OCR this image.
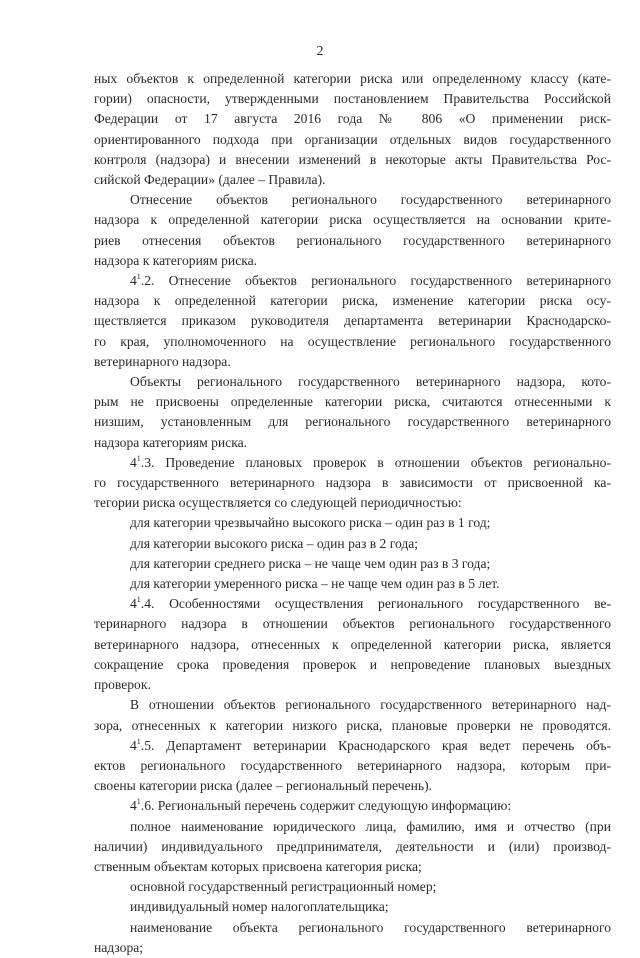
2

ных объектов к определенной категории риска или определенному классу (кате-

гории) опасности, утвержденными постановлением Правительства Российской

Федерации от 17 августа 2016 года № 806 «О применении риск-

ориентированного подхода при организации отдельных видов государственного

контроля (надзора) и внесении изменений в некоторые акты Правительства Рос-

сийской Федерации» (далее – Правила).

Отнесение объектов регионального государственного ветеринарного

надзора к определенной категории риска осуществляется на основании крите-

риев отнесения объектов регионального государственного ветеринарного

надзора к категориям риска.

$4^1.2$. Отнесение объектов регионального государственного ветеринарного

надзора к определенной категории риска, изменение категории риска осу-

ществляется приказом руководителя департамента ветеринарии Краснодарско-

го края, уполномоченного на осуществление регионального государственного

ветеринарного надзора.

Объекты регионального государственного ветеринарного надзора, кото-

рым не присвоены определенные категории риска, считаются отнесенными к

низшим, установленным для регионального государственного ветеринарного

надзора категориям риска.

$4^1.3$. Проведение плановых проверок в отношении объектов регионально-

го государственного ветеринарного надзора в зависимости от присвоенной ка-

тегории риска осуществляется со следующей периодичностью:

для категории чрезвычайно высокого риска – один раз в 1 год;

для категории высокого риска – один раз в 2 года;

для категории среднего риска – не чаще чем один раз в 3 года;

для категории умеренного риска – не чаще чем один раз в 5 лет.

$4^1.4$. Особенностями осуществления регионального государственного ве-

теринарного надзора в отношении объектов регионального государственного

ветеринарного надзора, отнесенных к определенной категории риска, является

сокращение срока проведения проверок и непроведение плановых выездных

проверок.

В отношении объектов регионального государственного ветеринарного над-

зора, отнесенных к категории низкого риска, плановые проверки не проводятся.

$4^1.5$. Департамент ветеринарии Краснодарского края ведет перечень объ-

ектов регионального государственного ветеринарного надзора, которым при-

своены категории риска (далее – региональный перечень).

$4^1.6$. Региональный перечень содержит следующую информацию:

полное наименование юридического лица, фамилию, имя и отчество (при

наличии) индивидуального предпринимателя, деятельности и (или) производ-

ственным объектам которых присвоена категория риска;

основной государственный регистрационный номер;

индивидуальный номер налогоплательщика;

наименование объекта регионального государственного ветеринарного

надзора;
